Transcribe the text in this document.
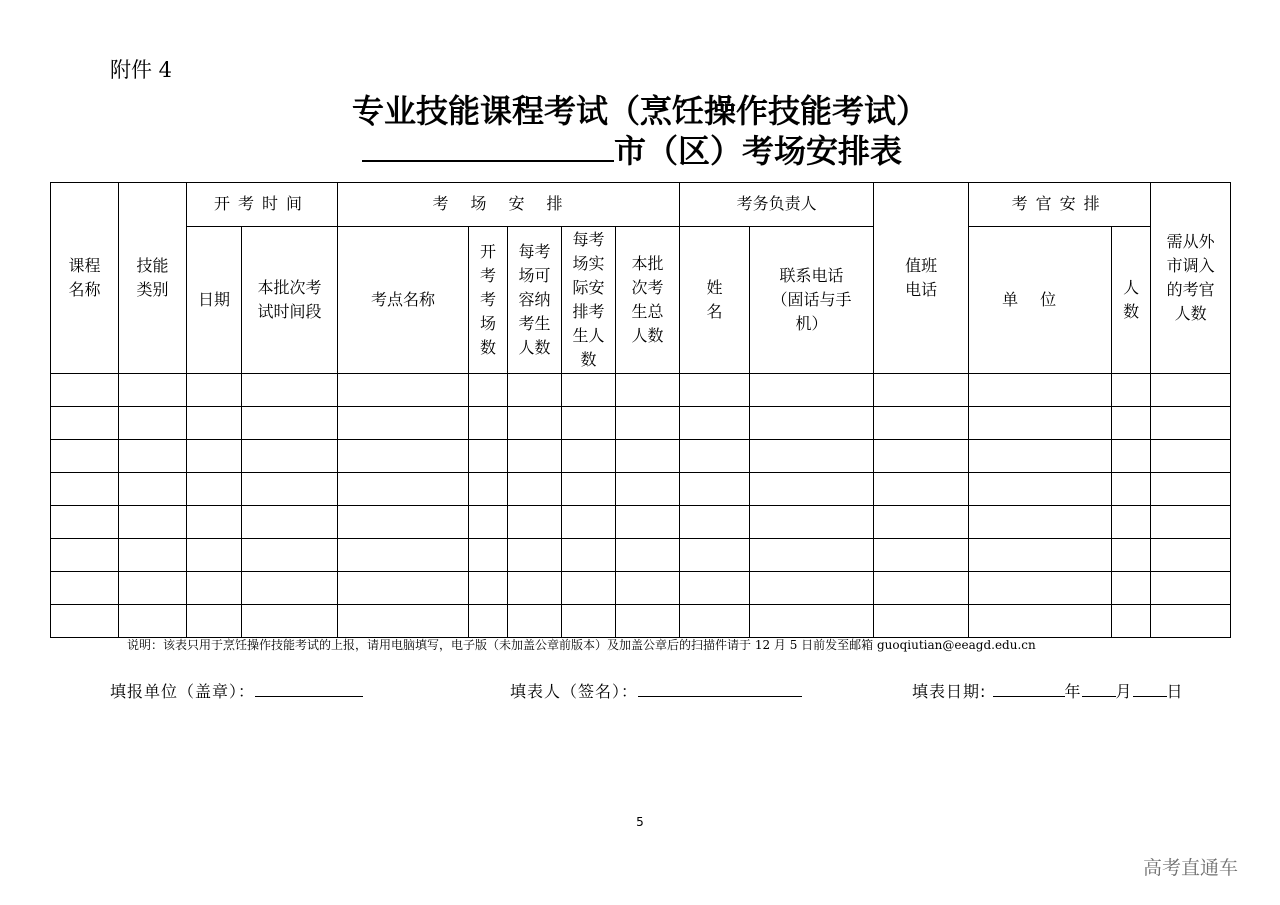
附件 4
专业技能课程考试（烹饪操作技能考试）
市（区）考场安排表
课程名称	技能类别	开考时间		考场安排					考务负责人		值班电话	考官安排		需从外市调入的考官人数
		日期	本批次考试时间段	考点名称	开考考场数	每考场可容纳考生人数	每考场实际安排考生人数	本批次考生总人数	姓名	联系电话（固话与手机）		单位	人数	

说明：该表只用于烹饪操作技能考试的上报，请用电脑填写，电子版（未加盖公章前版本）及加盖公章后的扫描件请于 12 月 5 日前发至邮箱 guoqiutian@eeagd.edu.cn
填报单位（盖章）：	填表人（签名）：	填表日期:	年 月 日
5
高考直通车
